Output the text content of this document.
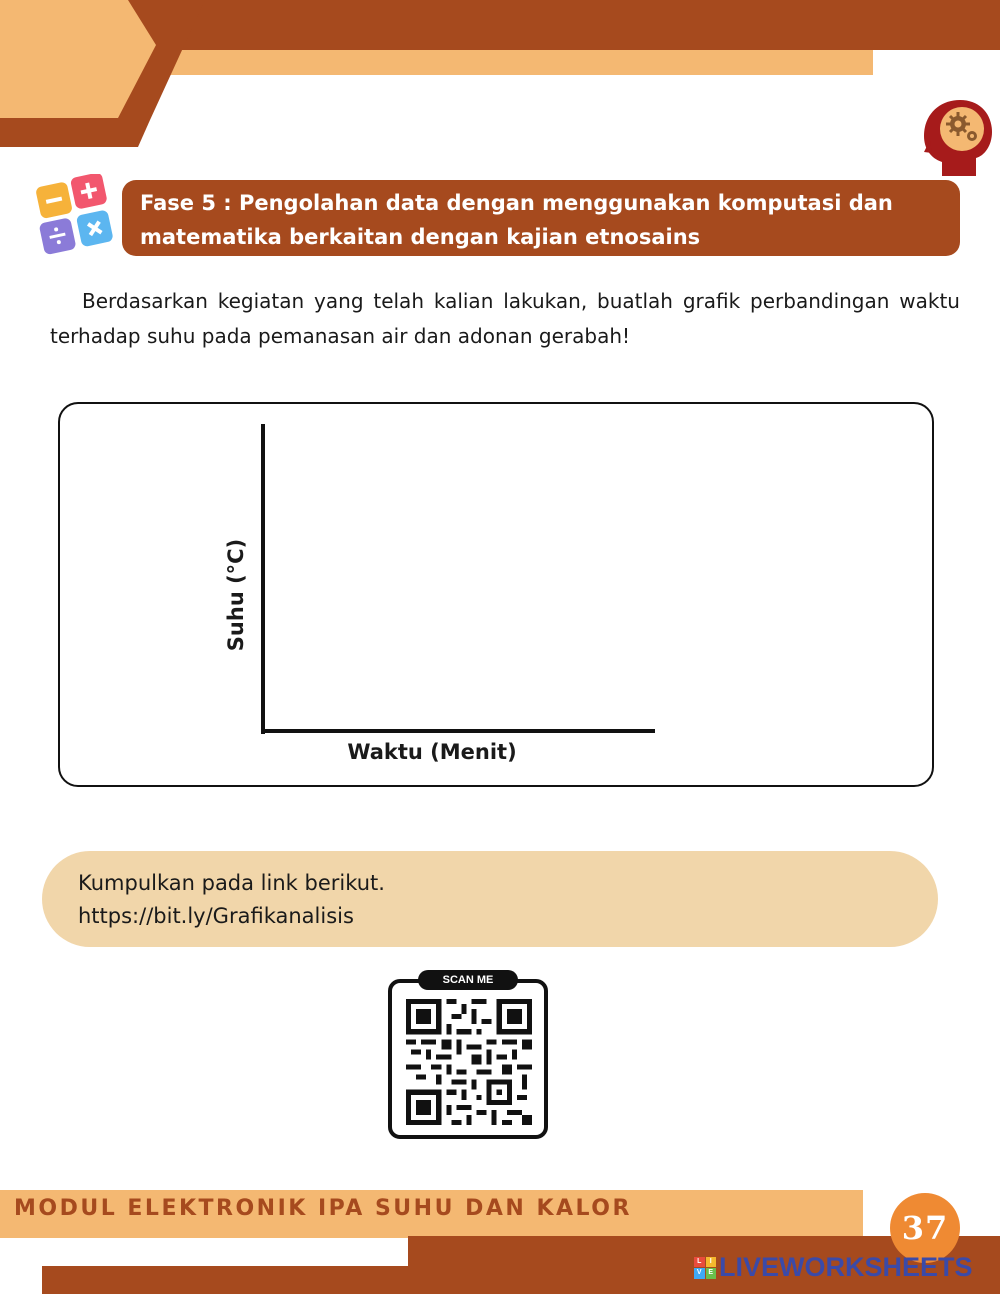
Fase 5 : Pengolahan data dengan menggunakan komputasi dan
matematika berkaitan dengan kajian etnosains
Berdasarkan kegiatan yang telah kalian lakukan, buatlah grafik perbandingan waktu terhadap suhu pada pemanasan air dan adonan gerabah!
Suhu (°C)
Waktu (Menit)
Kumpulkan pada link berikut.
https://bit.ly/Grafikanalisis
SCAN ME
MODUL ELEKTRONIK IPA SUHU DAN KALOR
37
L	I
V E LIVEWORKSHEETS
